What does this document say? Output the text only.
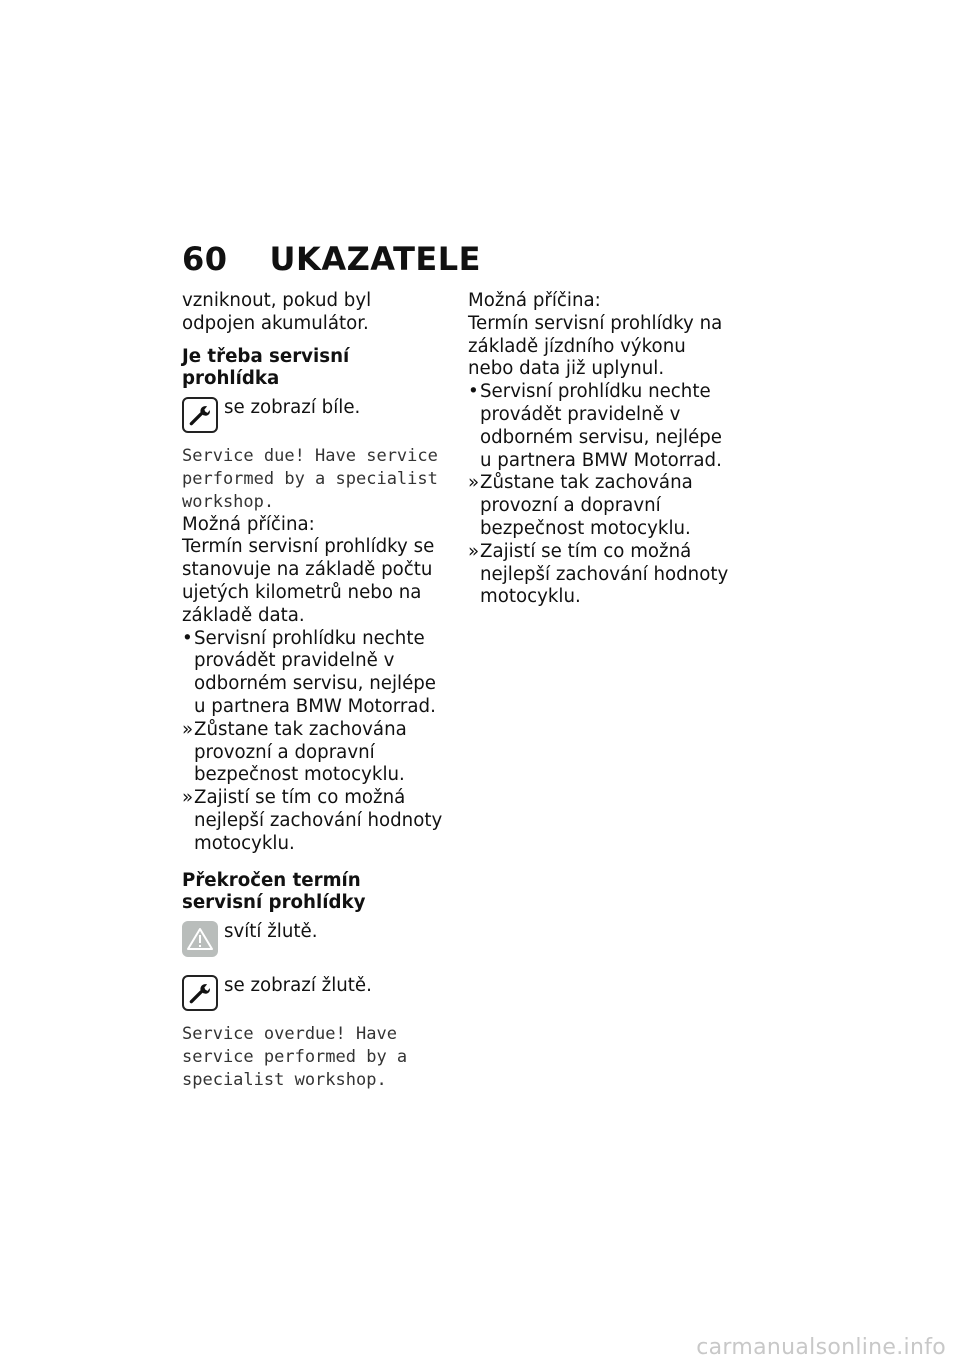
60 UKAZATELE

vzniknout, pokud byl odpojen akumulátor.

Je třeba servisní prohlídka

se zobrazí bíle.
Service due! Have service performed by a specialist workshop.

Možná příčina:

Termín servisní prohlídky se stanovuje na základě počtu ujetých kilometrů nebo na základě data.

• Servisní prohlídku nechte provádět pravidelně v odborném servisu, nejlépe u partnera BMW Motorrad.
» Zůstane tak zachována provozní a dopravní bezpečnost motocyklu.
» Zajistí se tím co možná nejlepší zachování hodnoty motocyklu.

Překročen termín servisní prohlídky

svítí žlutě.
se zobrazí žlutě.
Service overdue! Have service performed by a specialist workshop.

Možná příčina:

Termín servisní prohlídky na základě jízdního výkonu nebo data již uplynul.

• Servisní prohlídku nechte provádět pravidelně v odborném servisu, nejlépe u partnera BMW Motorrad.
» Zůstane tak zachována provozní a dopravní bezpečnost motocyklu.
» Zajistí se tím co možná nejlepší zachování hodnoty motocyklu.
carmanualsonline.info
